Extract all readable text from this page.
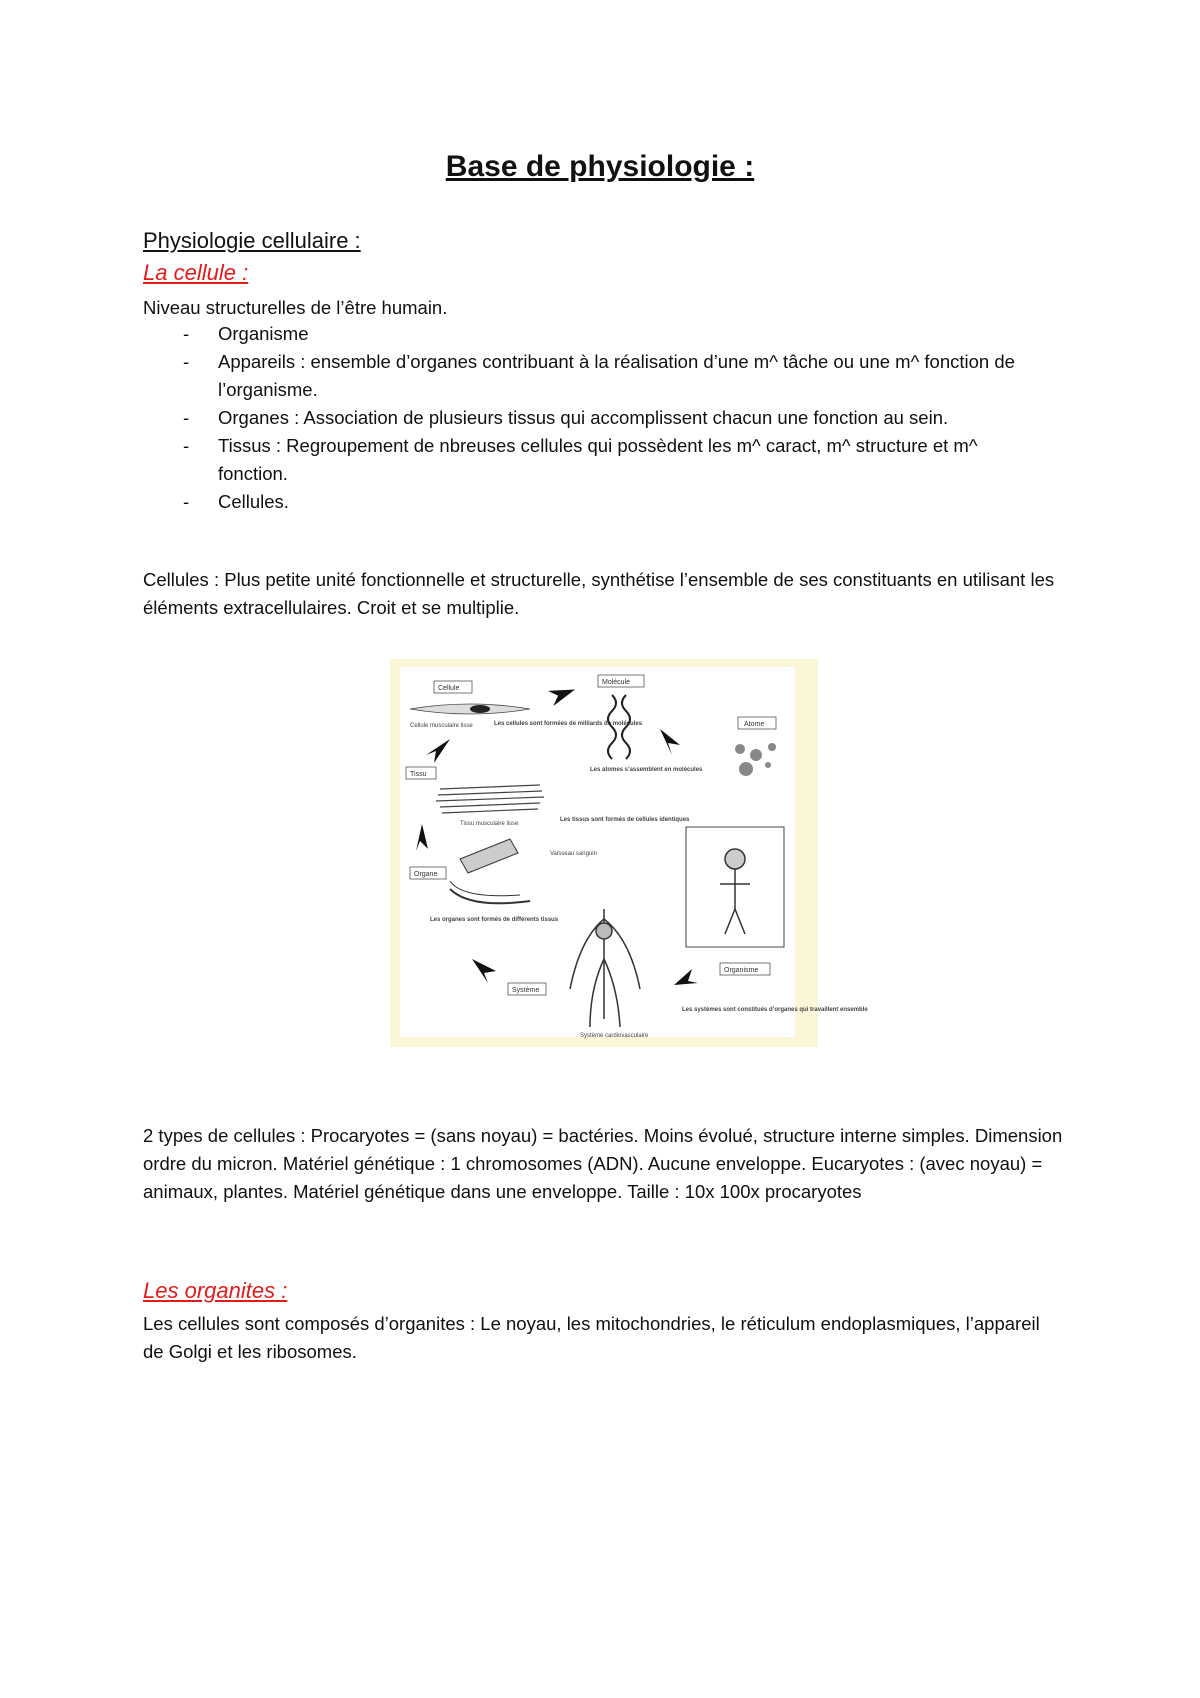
Base de physiologie :
Physiologie cellulaire :
La cellule :
Niveau structurelles de l’être humain.
-	Organisme
-	Appareils : ensemble d’organes contribuant à la réalisation d’une m^ tâche ou une m^ fonction de l’organisme.
-	Organes : Association de plusieurs tissus qui accomplissent chacun une fonction au sein.
-	Tissus : Regroupement de nbreuses cellules qui possèdent les m^ caract, m^ structure et m^ fonction.
-	Cellules.
Cellules : Plus petite unité fonctionnelle et structurelle, synthétise l’ensemble de ses constituants en utilisant les éléments extracellulaires. Croit et se multiplie.
Cellule
Cellule musculaire lisse	Les cellules sont formées de milliards de molécules
Molécule
Les atomes s’assemblent en molécules
Atome
Tissu
Tissu musculaire lisse
Les tissus sont formés de cellules identiques
Organe
Vaisseau sanguin
Les organes sont formés de différents tissus
Système
Système cardiovasculaire
Organisme
Les systèmes sont constitués d’organes qui travaillent ensemble
2 types de cellules : Procaryotes = (sans noyau) = bactéries. Moins évolué, structure interne simples. Dimension ordre du micron. Matériel génétique : 1 chromosomes (ADN). Aucune enveloppe. Eucaryotes : (avec noyau) = animaux, plantes. Matériel génétique dans une enveloppe. Taille : 10x 100x procaryotes
Les organites :
Les cellules sont composés d’organites : Le noyau, les mitochondries, le réticulum endoplasmiques, l’appareil de Golgi et les ribosomes.
